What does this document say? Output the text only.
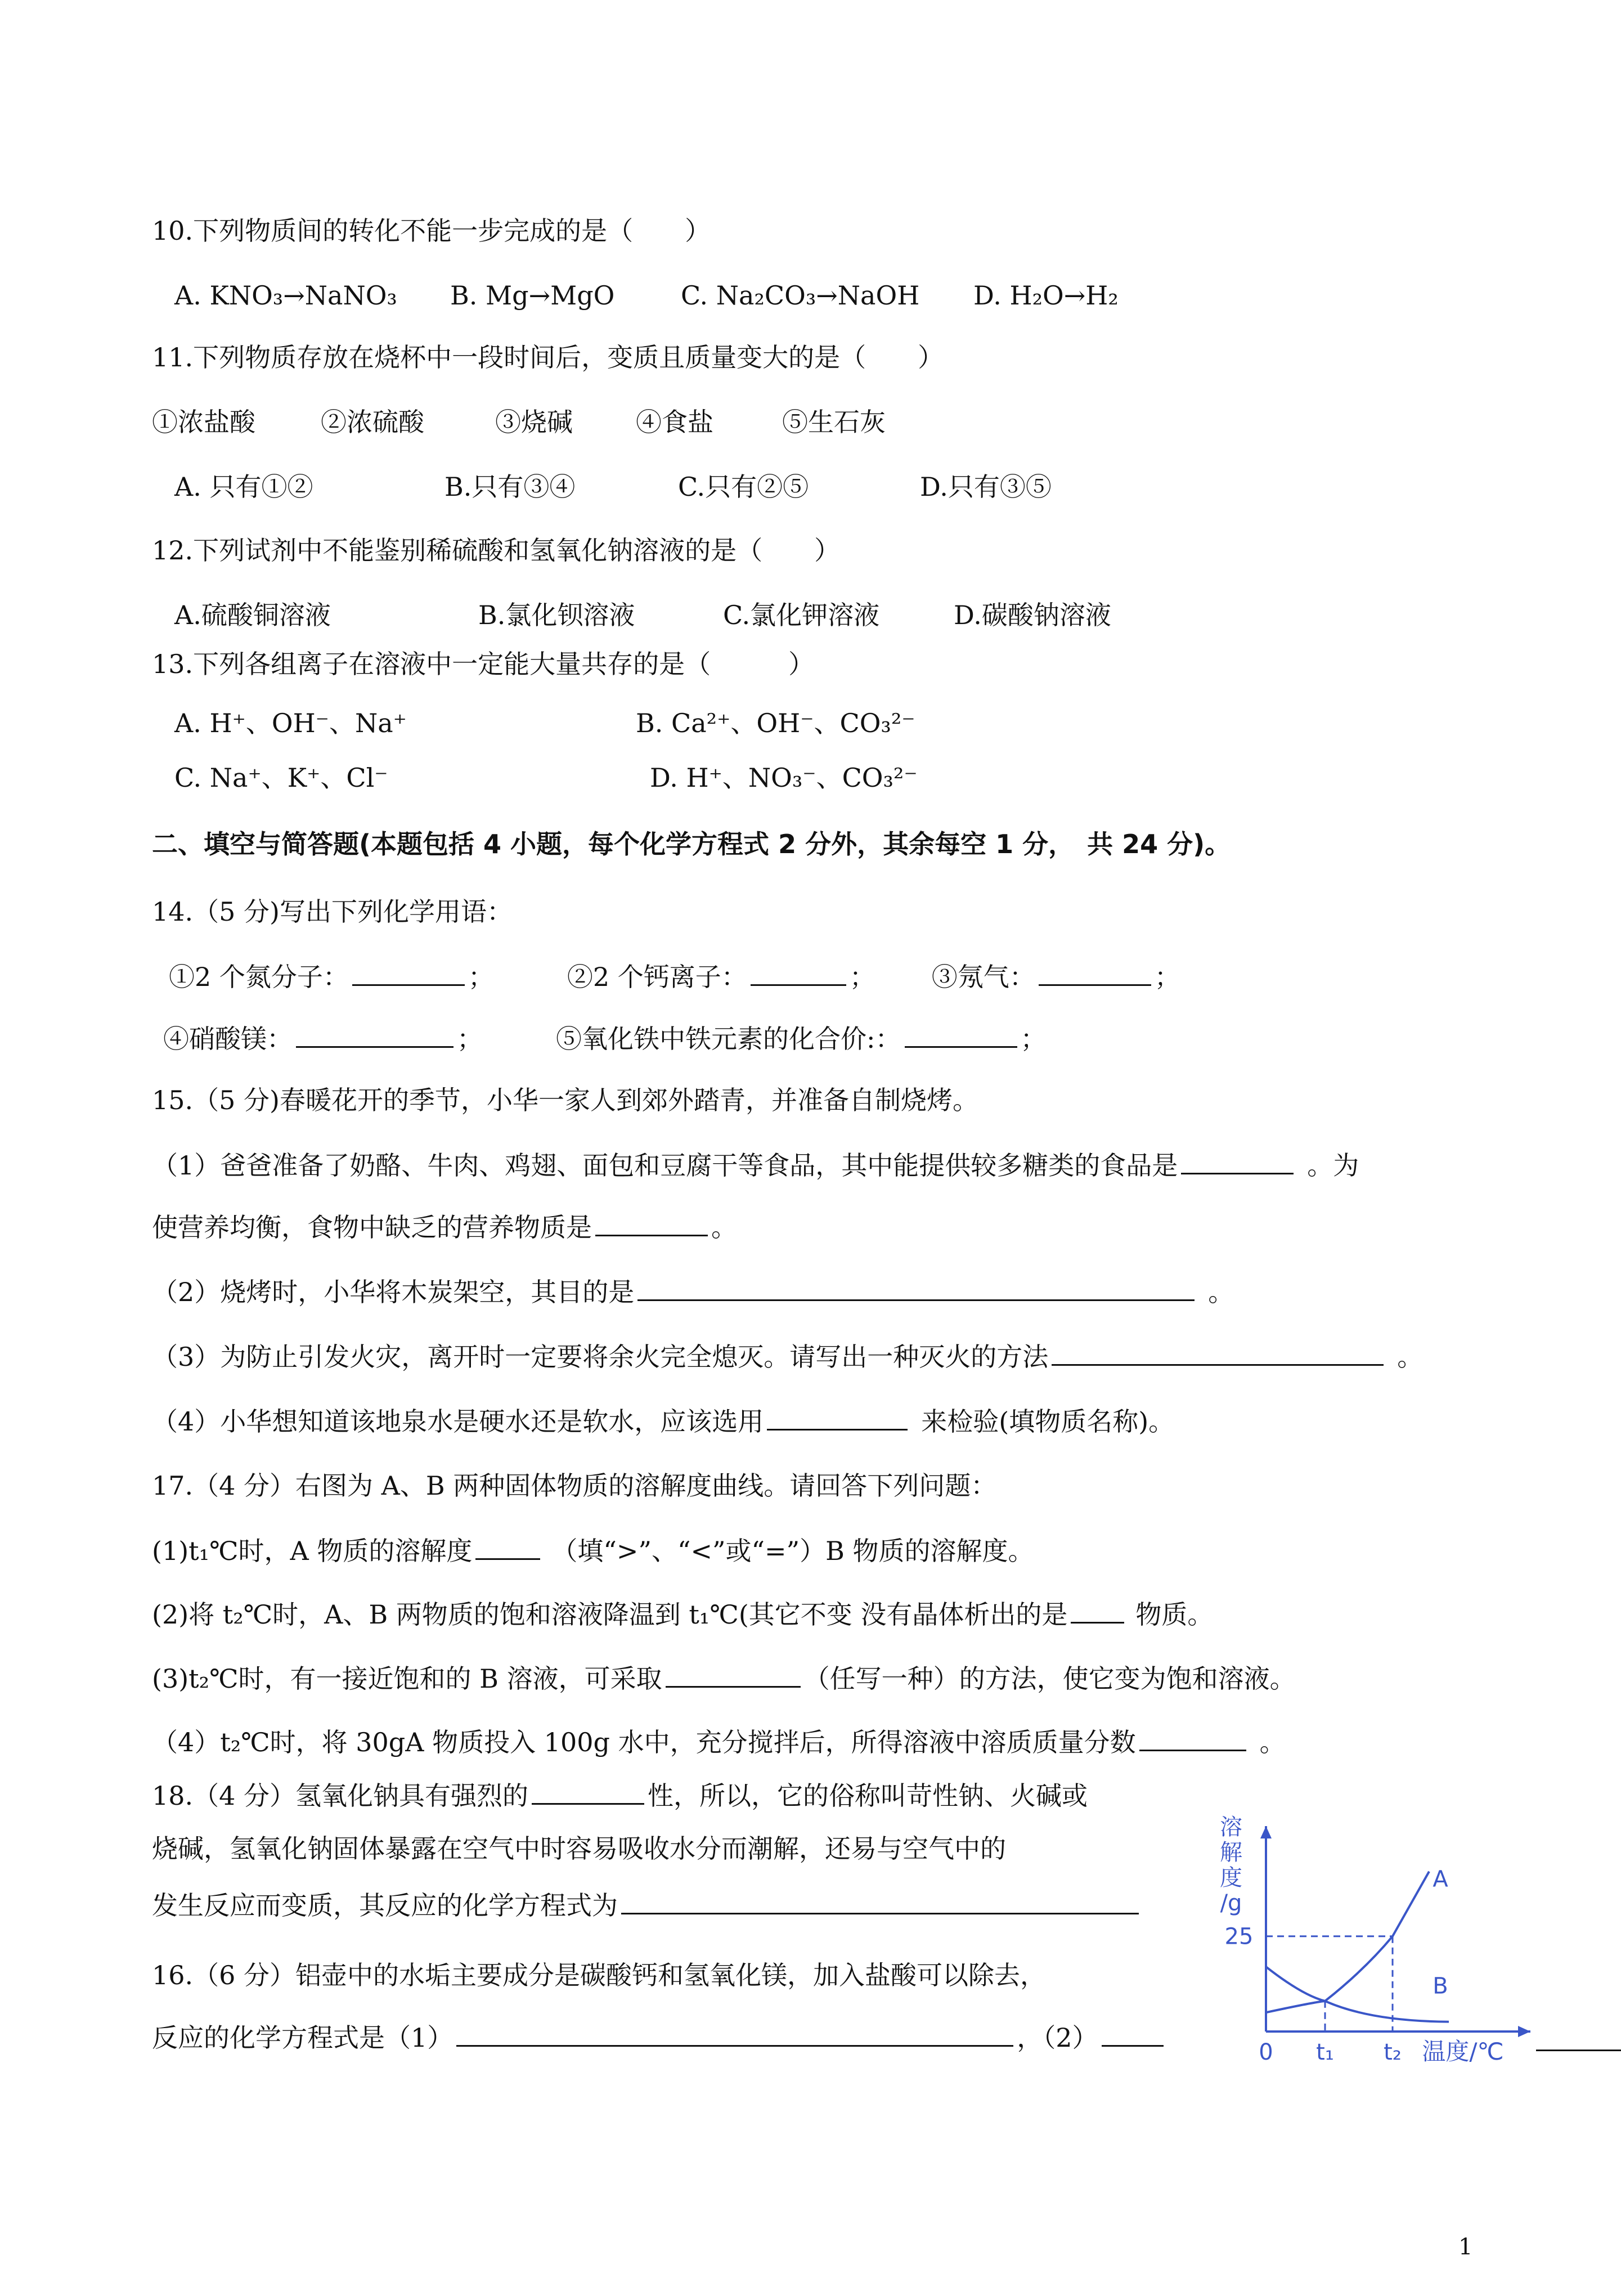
10.下列物质间的转化不能一步完成的是（　　）
A. KNO₃→NaNO₃ B. Mg→MgO	C. Na₂CO₃→NaOH D. H₂O→H₂
11.下列物质存放在烧杯中一段时间后，变质且质量变大的是（　　）
①浓盐酸	②浓硫酸	③烧碱 ④食盐	⑤生石灰
A. 只有①②	B.只有③④	C.只有②⑤	D.只有③⑤
12.下列试剂中不能鉴别稀硫酸和氢氧化钠溶液的是（　　）
A.硫酸铜溶液	B.氯化钡溶液	C.氯化钾溶液	D.碳酸钠溶液
13.下列各组离子在溶液中一定能大量共存的是（　　　）
A. H⁺、OH⁻、Na⁺	B. Ca²⁺、OH⁻、CO₃²⁻
C. Na⁺、K⁺、Cl⁻	D. H⁺、NO₃⁻、CO₃²⁻
二、填空与简答题(本题包括 4 小题，每个化学方程式 2 分外，其余每空 1 分，　共 24 分)。
14.（5 分)写出下列化学用语：
①2 个氮分子：	；	②2 个钙离子：	； ③氖气：	；
④硝酸镁：	；	⑤氧化铁中铁元素的化合价:：	；
15.（5 分)春暖花开的季节，小华一家人到郊外踏青，并准备自制烧烤。
（1）爸爸准备了奶酪、牛肉、鸡翅、面包和豆腐干等食品，其中能提供较多糖类的食品是	。为
使营养均衡，食物中缺乏的营养物质是	。
（2）烧烤时，小华将木炭架空，其目的是	。
（3）为防止引发火灾，离开时一定要将余火完全熄灭。请写出一种灭火的方法	。
（4）小华想知道该地泉水是硬水还是软水，应该选用	来检验(填物质名称)。
17.（4 分）右图为 A、B 两种固体物质的溶解度曲线。请回答下列问题：
(1)t₁℃时，A 物质的溶解度	（填“>”、“<”或“=”）B 物质的溶解度。
(2)将 t₂℃时，A、B 两物质的饱和溶液降温到 t₁℃(其它不变 没有晶体析出的是	物质。
(3)t₂℃时，有一接近饱和的 B 溶液，可采取	（任写一种）的方法，使它变为饱和溶液。
（4）t₂℃时，将 30gA 物质投入 100g 水中，充分搅拌后，所得溶液中溶质质量分数	。
18.（4 分）氢氧化钠具有强烈的	性，所以，它的俗称叫苛性钠、火碱或
烧碱，氢氧化钠固体暴露在空气中时容易吸收水分而潮解，还易与空气中的
发生反应而变质，其反应的化学方程式为
16.（6 分）铝壶中的水垢主要成分是碳酸钙和氢氧化镁，加入盐酸可以除去，
反应的化学方程式是（1）	，（2）
溶
解
度
/g
25
0 t₁ t₂ 温度/℃
A
B
1
